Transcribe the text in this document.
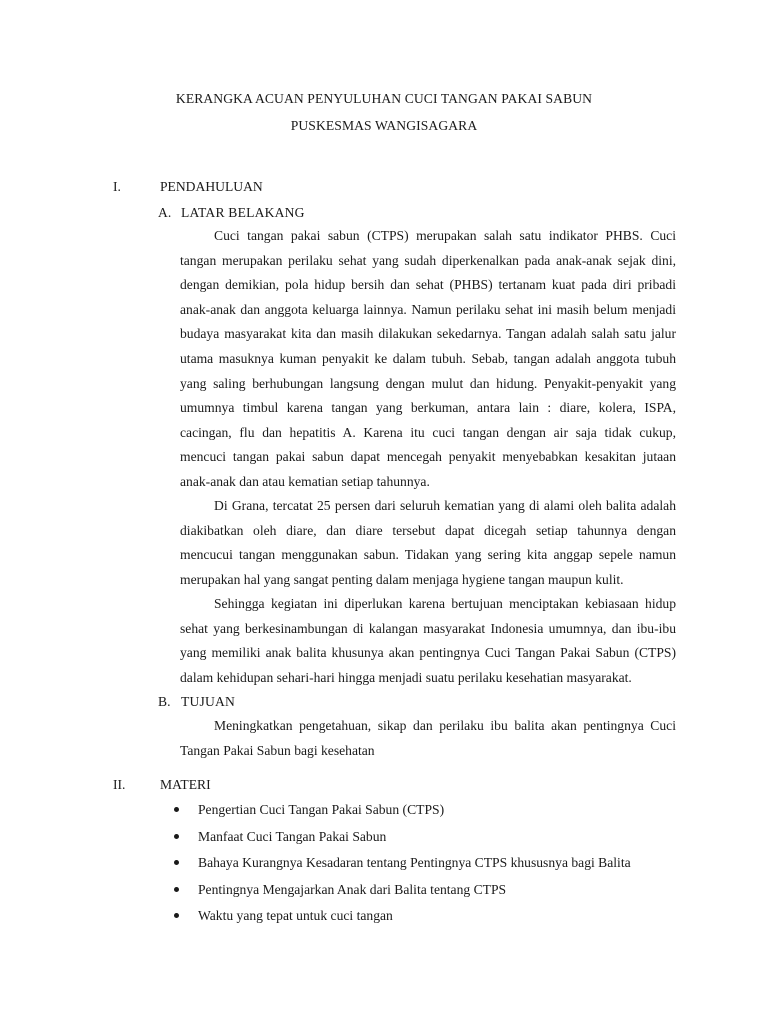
KERANGKA ACUAN PENYULUHAN CUCI TANGAN PAKAI SABUN
PUSKESMAS WANGISAGARA
I.	PENDAHULUAN
A. LATAR BELAKANG
Cuci tangan pakai sabun (CTPS) merupakan salah satu indikator PHBS. Cuci
tangan merupakan perilaku sehat yang sudah diperkenalkan pada anak-anak sejak dini,
dengan demikian, pola hidup bersih dan sehat (PHBS) tertanam kuat pada diri pribadi
anak-anak dan anggota keluarga lainnya. Namun perilaku sehat ini masih belum menjadi
budaya masyarakat kita dan masih dilakukan sekedarnya. Tangan adalah salah satu jalur
utama masuknya kuman penyakit ke dalam tubuh. Sebab, tangan adalah anggota tubuh
yang saling berhubungan langsung dengan mulut dan hidung. Penyakit-penyakit yang
umumnya timbul karena tangan yang berkuman, antara lain : diare, kolera, ISPA,
cacingan, flu dan hepatitis A. Karena itu cuci tangan dengan air saja tidak cukup,
mencuci tangan pakai sabun dapat mencegah penyakit menyebabkan kesakitan jutaan
anak-anak dan atau kematian setiap tahunnya.
Di Grana, tercatat 25 persen dari seluruh kematian yang di alami oleh balita adalah
diakibatkan oleh diare, dan diare tersebut dapat dicegah setiap tahunnya dengan
mencucui tangan menggunakan sabun. Tidakan yang sering kita anggap sepele namun
merupakan hal yang sangat penting dalam menjaga hygiene tangan maupun kulit.
Sehingga kegiatan ini diperlukan karena bertujuan menciptakan kebiasaan hidup
sehat yang berkesinambungan di kalangan masyarakat Indonesia umumnya, dan ibu-ibu
yang memiliki anak balita khusunya akan pentingnya Cuci Tangan Pakai Sabun (CTPS)
dalam kehidupan sehari-hari hingga menjadi suatu perilaku kesehatian masyarakat.
B. TUJUAN
Meningkatkan pengetahuan, sikap dan perilaku ibu balita akan pentingnya Cuci
Tangan Pakai Sabun bagi kesehatan
II.	MATERI
Pengertian Cuci Tangan Pakai Sabun (CTPS)
Manfaat Cuci Tangan Pakai Sabun
Bahaya Kurangnya Kesadaran tentang Pentingnya CTPS khususnya bagi Balita
Pentingnya Mengajarkan Anak dari Balita tentang CTPS
Waktu yang tepat untuk cuci tangan
